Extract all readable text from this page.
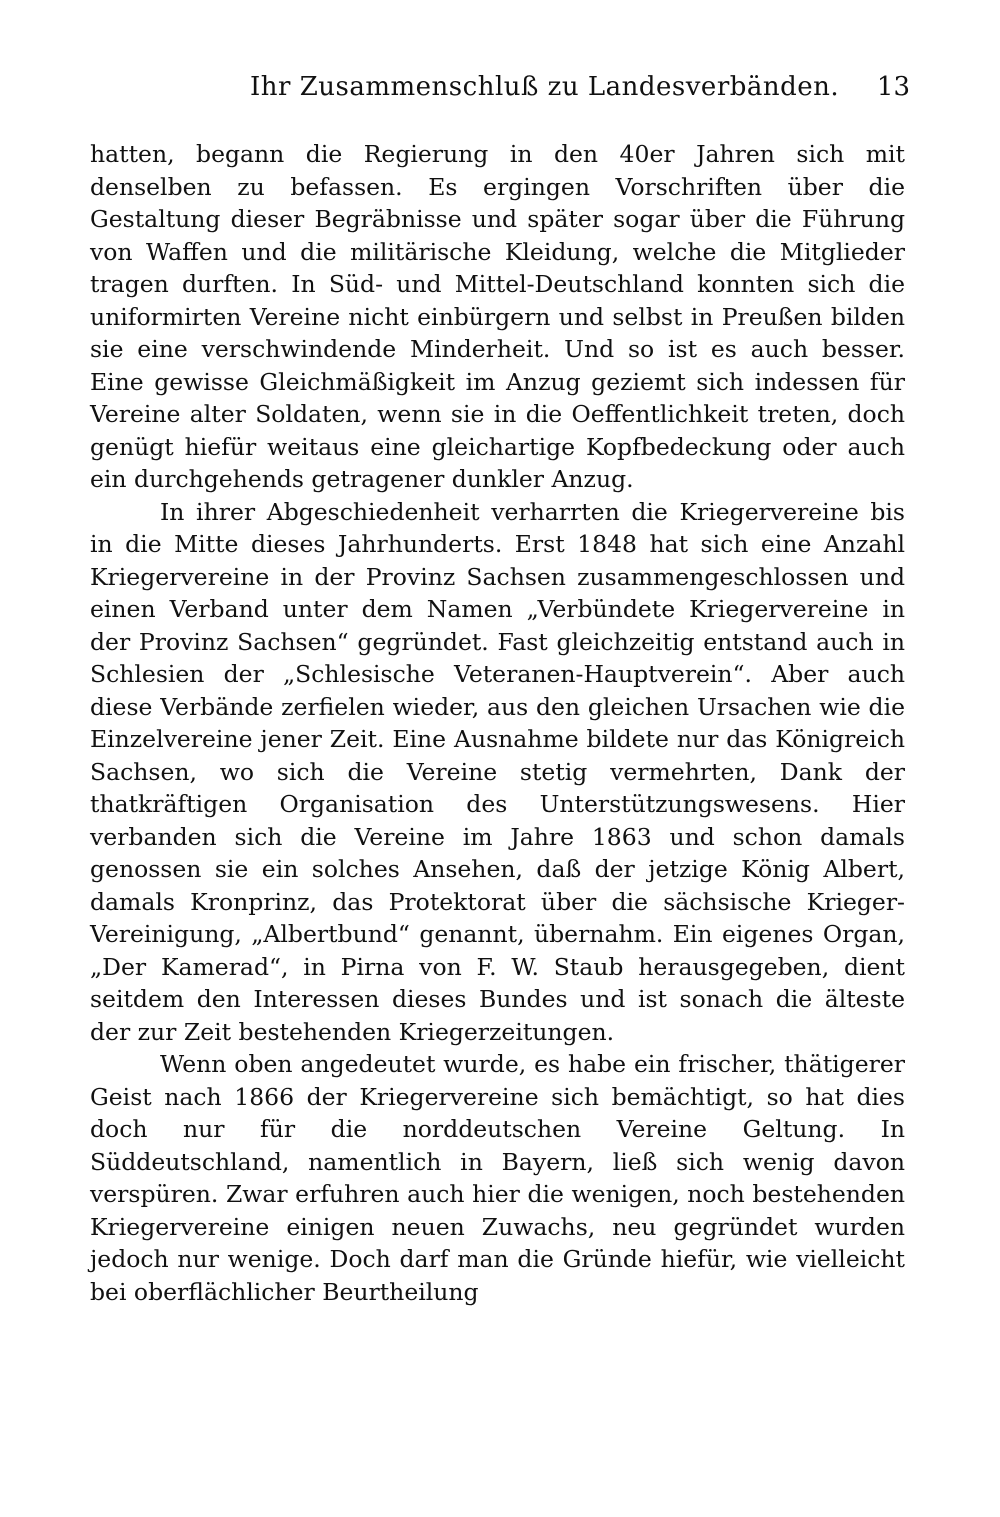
Ihr Zusammenschluß zu Landesverbänden. 13

hatten, begann die Regierung in den 40er Jahren sich mit denselben zu befassen. Es ergingen Vorschriften über die Gestaltung dieser Begräbnisse und später sogar über die Führung von Waffen und die militärische Kleidung, welche die Mitglieder tragen durften. In Süd- und Mittel-Deutschland konnten sich die uniformirten Vereine nicht einbürgern und selbst in Preußen bilden sie eine verschwindende Minderheit. Und so ist es auch besser. Eine gewisse Gleichmäßigkeit im Anzug geziemt sich indessen für Vereine alter Soldaten, wenn sie in die Oeffentlichkeit treten, doch genügt hiefür weitaus eine gleichartige Kopfbedeckung oder auch ein durchgehends getragener dunkler Anzug.

In ihrer Abgeschiedenheit verharrten die Kriegervereine bis in die Mitte dieses Jahrhunderts. Erst 1848 hat sich eine Anzahl Kriegervereine in der Provinz Sachsen zusammengeschlossen und einen Verband unter dem Namen „Verbündete Kriegervereine in der Provinz Sachsen“ gegründet. Fast gleichzeitig entstand auch in Schlesien der „Schlesische Veteranen-Hauptverein“. Aber auch diese Verbände zerfielen wieder, aus den gleichen Ursachen wie die Einzelvereine jener Zeit. Eine Ausnahme bildete nur das Königreich Sachsen, wo sich die Vereine stetig vermehrten, Dank der thatkräftigen Organisation des Unterstützungswesens. Hier verbanden sich die Vereine im Jahre 1863 und schon damals genossen sie ein solches Ansehen, daß der jetzige König Albert, damals Kronprinz, das Protektorat über die sächsische Krieger-Vereinigung, „Albertbund“ genannt, übernahm. Ein eigenes Organ, „Der Kamerad“, in Pirna von F. W. Staub herausgegeben, dient seitdem den Interessen dieses Bundes und ist sonach die älteste der zur Zeit bestehenden Kriegerzeitungen.

Wenn oben angedeutet wurde, es habe ein frischer, thätigerer Geist nach 1866 der Kriegervereine sich bemächtigt, so hat dies doch nur für die norddeutschen Vereine Geltung. In Süddeutschland, namentlich in Bayern, ließ sich wenig davon verspüren. Zwar erfuhren auch hier die wenigen, noch bestehenden Kriegervereine einigen neuen Zuwachs, neu gegründet wurden jedoch nur wenige. Doch darf man die Gründe hiefür, wie vielleicht bei oberflächlicher Beurtheilung
